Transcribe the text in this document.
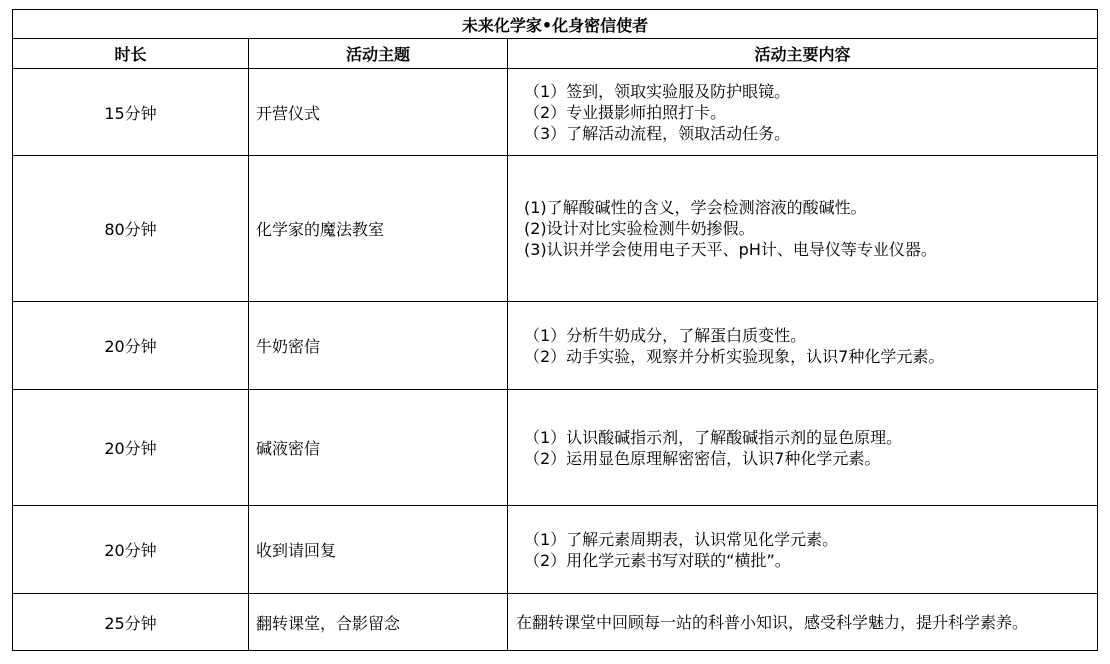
未来化学家•化身密信使者		
时长	活动主题	活动主要内容
15分钟	开营仪式	（1）签到，领取实验服及防护眼镜。
（2）专业摄影师拍照打卡。
（3）了解活动流程，领取活动任务。

80分钟	化学家的魔法教室	(1)了解酸碱性的含义，学会检测溶液的酸碱性。
(2)设计对比实验检测牛奶掺假。
(3)认识并学会使用电子天平、pH计、电导仪等专业仪器。

20分钟	牛奶密信	（1）分析牛奶成分，了解蛋白质变性。
（2）动手实验，观察并分析实验现象，认识7种化学元素。

20分钟	碱液密信	（1）认识酸碱指示剂，了解酸碱指示剂的显色原理。
（2）运用显色原理解密密信，认识7种化学元素。

20分钟	收到请回复	（1）了解元素周期表，认识常见化学元素。
（2）用化学元素书写对联的“横批”。

25分钟	翻转课堂，合影留念	在翻转课堂中回顾每一站的科普小知识，感受科学魅力，提升科学素养。
